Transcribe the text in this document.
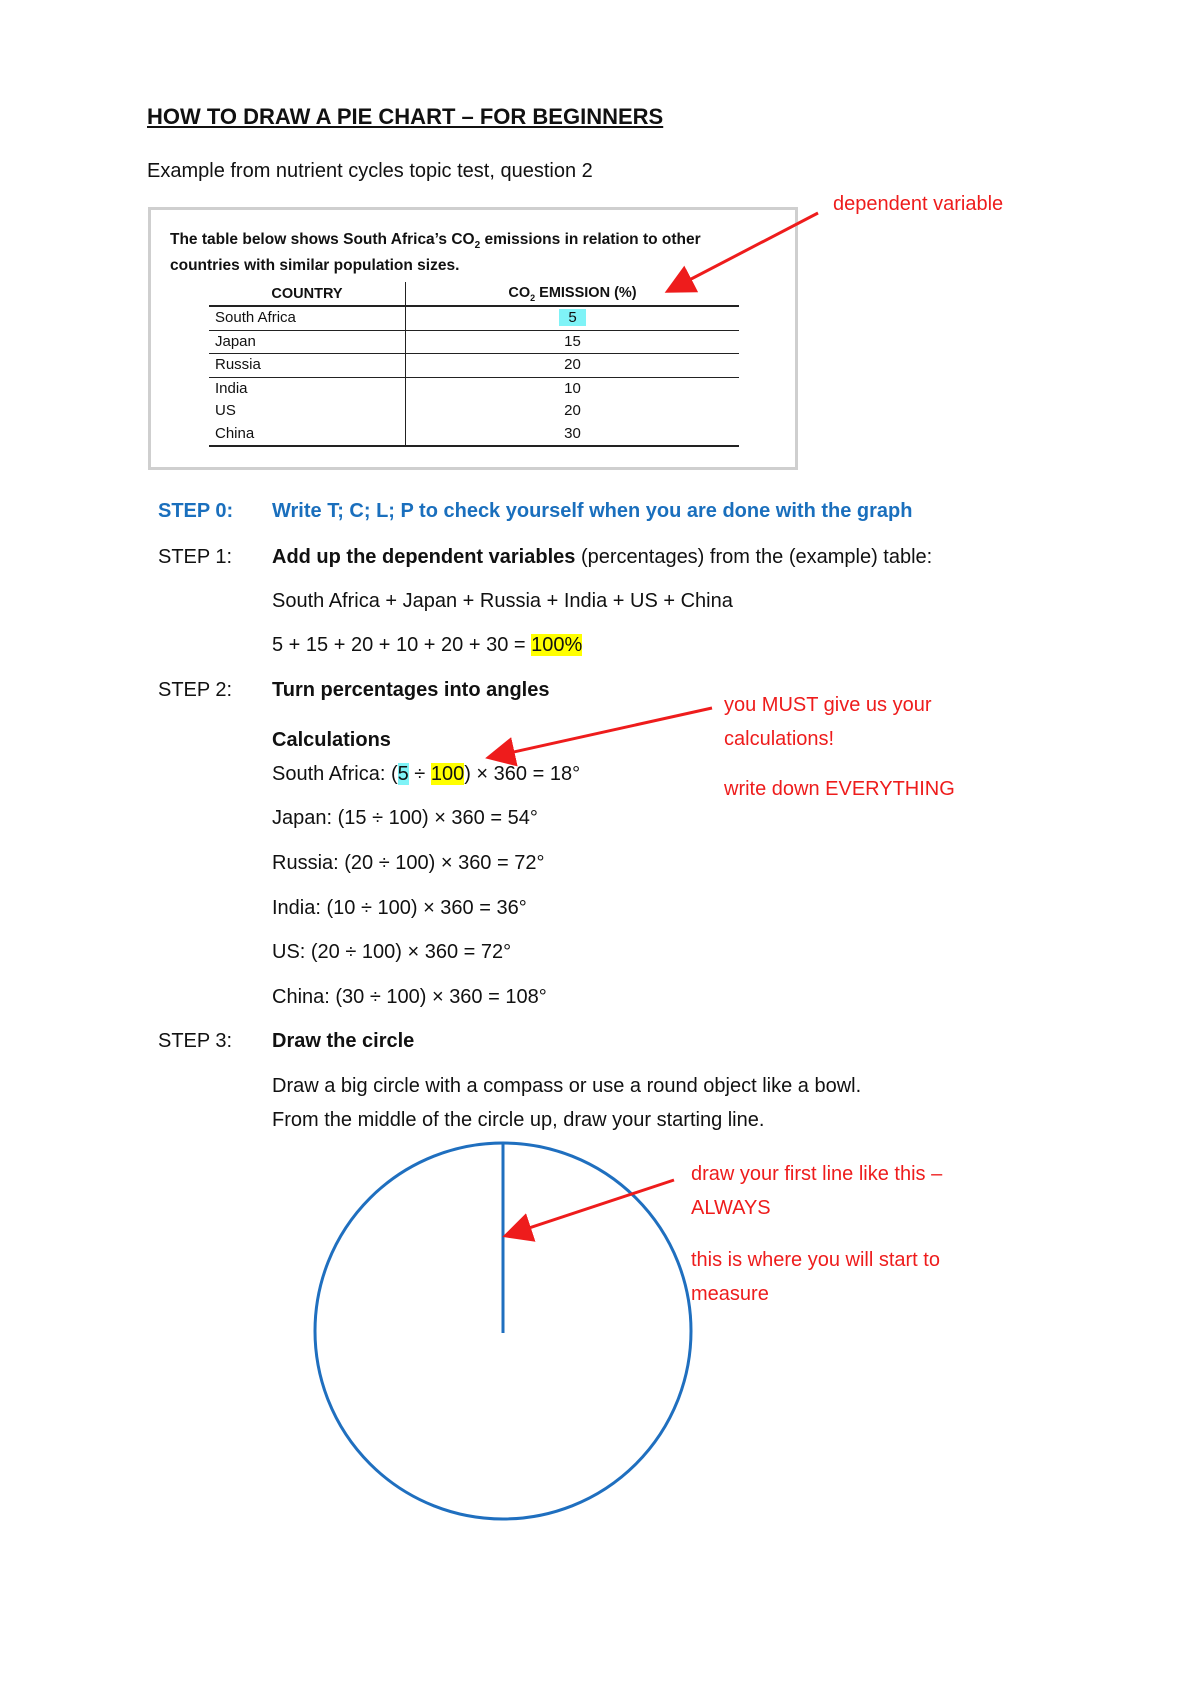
HOW TO DRAW A PIE CHART – FOR BEGINNERS
Example from nutrient cycles topic test, question 2
The table below shows South Africa’s $CO_2$ emissions in relation to other
countries with similar population sizes.
COUNTRY	$CO_2$ EMISSION (%)
South Africa	5
Japan	15
Russia	20
India	10
US	20
China	30
dependent variable
you MUST give us your
calculations!
write down EVERYTHING
draw your first line like this –
ALWAYS
this is where you will start to
measure
STEP 0: Write T; C; L; P to check yourself when you are done with the graph
STEP 1: Add up the dependent variables (percentages) from the (example) table:
South Africa + Japan + Russia + India + US + China
5 + 15 + 20 + 10 + 20 + 30 = 100%
STEP 2: Turn percentages into angles
Calculations
South Africa: (5 ÷ 100) × 360 = 18°
Japan: (15 ÷ 100) × 360 = 54°
Russia: (20 ÷ 100) × 360 = 72°
India: (10 ÷ 100) × 360 = 36°
US: (20 ÷ 100) × 360 = 72°
China: (30 ÷ 100) × 360 = 108°
STEP 3: Draw the circle
Draw a big circle with a compass or use a round object like a bowl.
From the middle of the circle up, draw your starting line.
